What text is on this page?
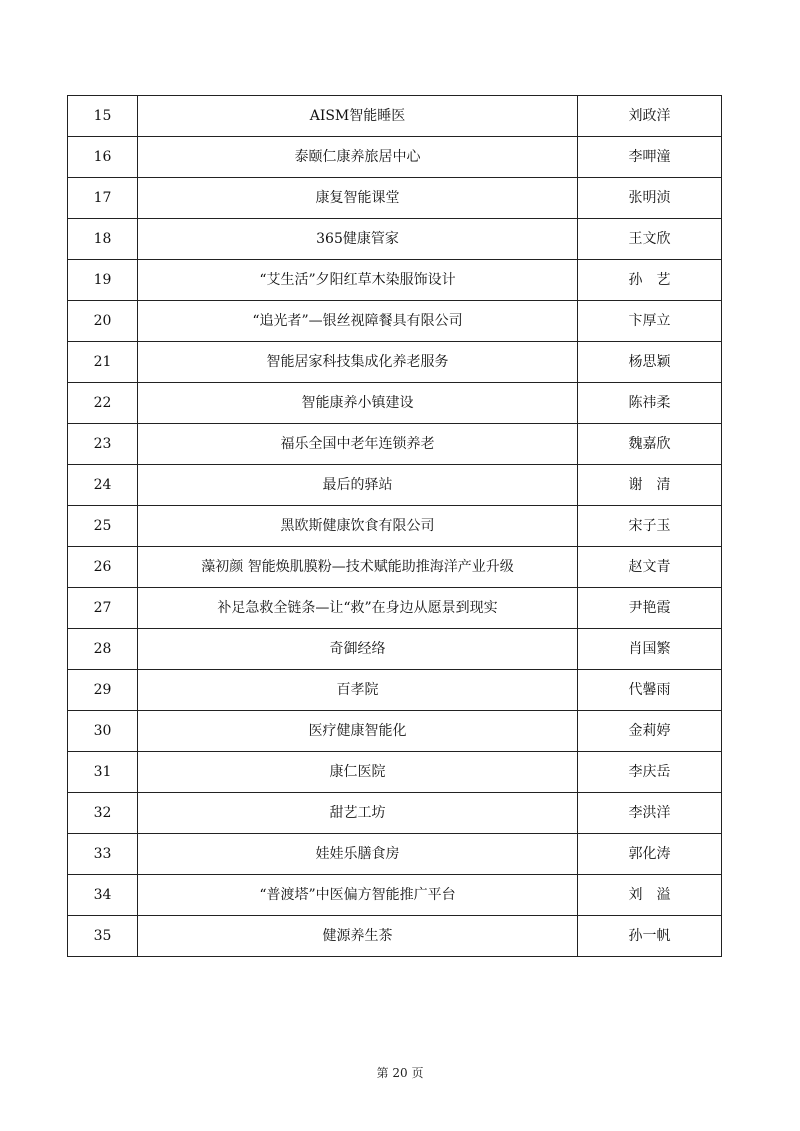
15	AISM智能睡医	刘政洋
16	泰颐仁康养旅居中心	李呷潼
17	康复智能课堂	张明浈
18	365健康管家	王文欣
19	“艾生活”夕阳红草木染服饰设计	孙　艺
20	“追光者”—银丝视障餐具有限公司	卞厚立
21	智能居家科技集成化养老服务	杨思颖
22	智能康养小镇建设	陈祎柔
23	福乐全国中老年连锁养老	魏嘉欣
24	最后的驿站	谢　清
25	黑欧斯健康饮食有限公司	宋子玉
26	藻初颜 智能焕肌膜粉—技术赋能助推海洋产业升级	赵文青
27	补足急救全链条—让“救”在身边从愿景到现实	尹艳霞
28	奇御经络	肖国繁
29	百孝院	代馨雨
30	医疗健康智能化	金莉婷
31	康仁医院	李庆岳
32	甜艺工坊	李洪洋
33	娃娃乐膳食房	郭化涛
34	“普渡塔”中医偏方智能推广平台	刘　溢
35	健源养生茶	孙一帆
第 20 页
